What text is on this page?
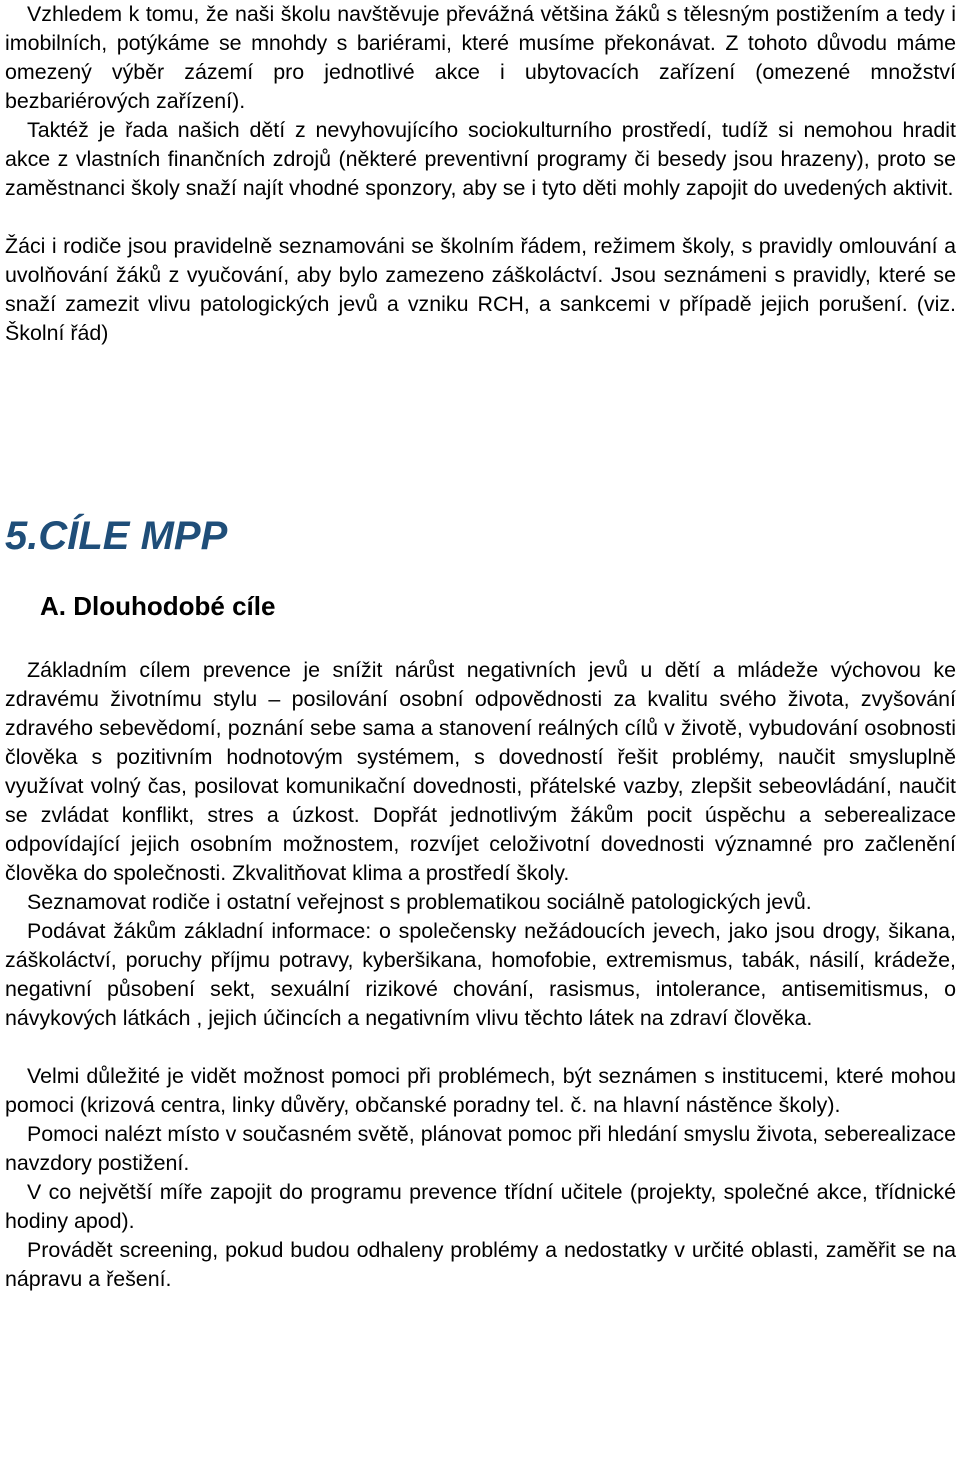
Vzhledem k tomu, že naši školu navštěvuje převážná většina žáků s tělesným postižením a tedy i imobilních, potýkáme se mnohdy s bariérami, které musíme překonávat. Z tohoto důvodu máme omezený výběr zázemí pro jednotlivé akce i ubytovacích zařízení (omezené množství bezbariérových zařízení).

Taktéž je řada našich dětí z nevyhovujícího sociokulturního prostředí, tudíž si nemohou hradit akce z vlastních finančních zdrojů (některé preventivní programy či besedy jsou hrazeny), proto se zaměstnanci školy snaží najít vhodné sponzory, aby se i tyto děti mohly zapojit do uvedených aktivit.

Žáci i rodiče jsou pravidelně seznamováni se školním řádem, režimem školy, s pravidly omlouvání a uvolňování žáků z vyučování, aby bylo zamezeno záškoláctví. Jsou seznámeni s pravidly, které se snaží zamezit vlivu patologických jevů a vzniku RCH, a sankcemi v případě jejich porušení. (viz. Školní řád)

5.CÍLE MPP
A. Dlouhodobé cíle

Základním cílem prevence je snížit nárůst negativních jevů u dětí a mládeže výchovou ke zdravému životnímu stylu – posilování osobní odpovědnosti za kvalitu svého života, zvyšování zdravého sebevědomí, poznání sebe sama a stanovení reálných cílů v životě, vybudování osobnosti člověka s pozitivním hodnotovým systémem, s dovedností řešit problémy, naučit smysluplně využívat volný čas, posilovat komunikační dovednosti, přátelské vazby, zlepšit sebeovládání, naučit se zvládat konflikt, stres a úzkost. Dopřát jednotlivým žákům pocit úspěchu a seberealizace odpovídající jejich osobním možnostem, rozvíjet celoživotní dovednosti významné pro začlenění člověka do společnosti. Zkvalitňovat klima a prostředí školy.

Seznamovat rodiče i ostatní veřejnost s problematikou sociálně patologických jevů.

Podávat žákům základní informace: o společensky nežádoucích jevech, jako jsou drogy, šikana, záškoláctví, poruchy příjmu potravy, kyberšikana, homofobie, extremismus, tabák, násilí, krádeže, negativní působení sekt, sexuální rizikové chování, rasismus, intolerance, antisemitismus, o návykových látkách , jejich účincích a negativním vlivu těchto látek na zdraví člověka.

Velmi důležité je vidět možnost pomoci při problémech, být seznámen s institucemi, které mohou pomoci (krizová centra, linky důvěry, občanské poradny tel. č. na hlavní nástěnce školy).

Pomoci nalézt místo v současném světě, plánovat pomoc při hledání smyslu života, seberealizace navzdory postižení.

V co největší míře zapojit do programu prevence třídní učitele (projekty, společné akce, třídnické hodiny apod).

Provádět screening, pokud budou odhaleny problémy a nedostatky v určité oblasti, zaměřit se na nápravu a řešení.
